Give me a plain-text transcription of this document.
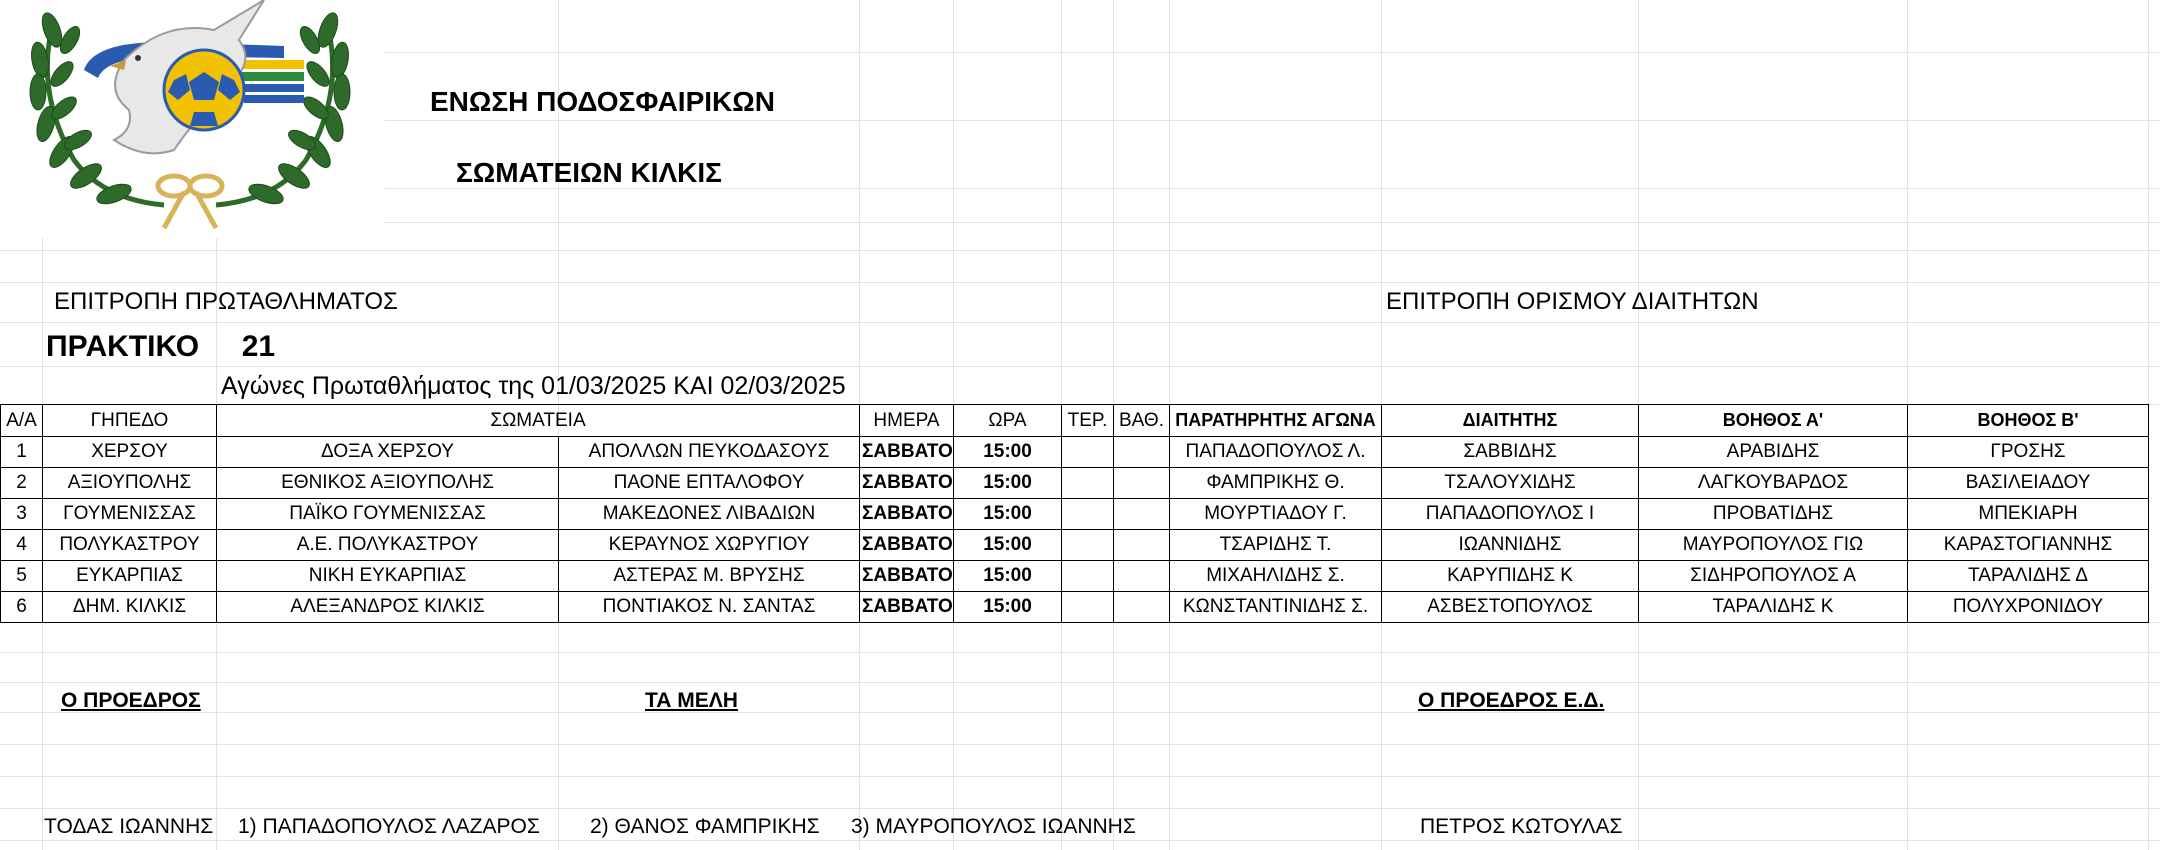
ΕΝΩΣΗ ΠΟΔΟΣΦΑΙΡΙΚΩΝ
ΣΩΜΑΤΕΙΩΝ ΚΙΛΚΙΣ
ΕΠΙΤΡΟΠΗ ΠΡΩΤΑΘΛΗΜΑΤΟΣ	ΕΠΙΤΡΟΠΗ ΟΡΙΣΜΟΥ ΔΙΑΙΤΗΤΩΝ
ΠΡΑΚΤΙΚΟ 21
Αγώνες Πρωταθλήματος της 01/03/2025 ΚΑΙ 02/03/2025
A/A	ΓΗΠΕΔΟ	ΣΩΜΑΤΕΙΑ		ΗΜΕΡΑ	ΩΡΑ	ΤΕΡ.	ΒΑΘ.	ΠΑΡΑΤΗΡΗΤΗΣ ΑΓΩΝΑ	ΔΙΑΙΤΗΤΗΣ	ΒΟΗΘΟΣ Α'	ΒΟΗΘΟΣ Β'
1	ΧΕΡΣΟΥ	ΔΟΞΑ ΧΕΡΣΟΥ	ΑΠΟΛΛΩΝ ΠΕΥΚΟΔΑΣΟΥΣ	ΣΑΒΒΑΤΟ	15:00			ΠΑΠΑΔΟΠΟΥΛΟΣ Λ.	ΣΑΒΒΙΔΗΣ	ΑΡΑΒΙΔΗΣ	ΓΡΟΣΗΣ
2	ΑΞΙΟΥΠΟΛΗΣ	ΕΘΝΙΚΟΣ ΑΞΙΟΥΠΟΛΗΣ	ΠΑΟΝΕ ΕΠΤΑΛΟΦΟΥ	ΣΑΒΒΑΤΟ	15:00			ΦΑΜΠΡΙΚΗΣ Θ.	ΤΣΑΛΟΥΧΙΔΗΣ	ΛΑΓΚΟΥΒΑΡΔΟΣ	ΒΑΣΙΛΕΙΑΔΟΥ
3	ΓΟΥΜΕΝΙΣΣΑΣ	ΠΑΪΚΟ ΓΟΥΜΕΝΙΣΣΑΣ	ΜΑΚΕΔΟΝΕΣ ΛΙΒΑΔΙΩΝ	ΣΑΒΒΑΤΟ	15:00			ΜΟΥΡΤΙΑΔΟΥ Γ.	ΠΑΠΑΔΟΠΟΥΛΟΣ Ι	ΠΡΟΒΑΤΙΔΗΣ	ΜΠΕΚΙΑΡΗ
4	ΠΟΛΥΚΑΣΤΡΟΥ	Α.Ε. ΠΟΛΥΚΑΣΤΡΟΥ	ΚΕΡΑΥΝΟΣ ΧΩΡΥΓΙΟΥ	ΣΑΒΒΑΤΟ	15:00			ΤΣΑΡΙΔΗΣ Τ.	ΙΩΑΝΝΙΔΗΣ	ΜΑΥΡΟΠΟΥΛΟΣ ΓΙΩ	ΚΑΡΑΣΤΟΓΙΑΝΝΗΣ
5	ΕΥΚΑΡΠΙΑΣ	ΝΙΚΗ ΕΥΚΑΡΠΙΑΣ	ΑΣΤΕΡΑΣ Μ. ΒΡΥΣΗΣ	ΣΑΒΒΑΤΟ	15:00			ΜΙΧΑΗΛΙΔΗΣ Σ.	ΚΑΡΥΠΙΔΗΣ Κ	ΣΙΔΗΡΟΠΟΥΛΟΣ Α	ΤΑΡΑΛΙΔΗΣ Δ
6	ΔΗΜ. ΚΙΛΚΙΣ	ΑΛΕΞΑΝΔΡΟΣ ΚΙΛΚΙΣ	ΠΟΝΤΙΑΚΟΣ Ν. ΣΑΝΤΑΣ	ΣΑΒΒΑΤΟ	15:00			ΚΩΝΣΤΑΝΤΙΝΙΔΗΣ Σ.	ΑΣΒΕΣΤΟΠΟΥΛΟΣ	ΤΑΡΑΛΙΔΗΣ Κ	ΠΟΛΥΧΡΟΝΙΔΟΥ
Ο ΠΡΟΕΔΡΟΣ	ΤΑ ΜΕΛΗ	Ο ΠΡΟΕΔΡΟΣ Ε.Δ.
ΤΟΔΑΣ ΙΩΑΝΝΗΣ 1) ΠΑΠΑΔΟΠΟΥΛΟΣ ΛΑΖΑΡΟΣ 2) ΘΑΝΟΣ ΦΑΜΠΡΙΚΗΣ 3) ΜΑΥΡΟΠΟΥΛΟΣ ΙΩΑΝΝΗΣ	ΠΕΤΡΟΣ ΚΩΤΟΥΛΑΣ
